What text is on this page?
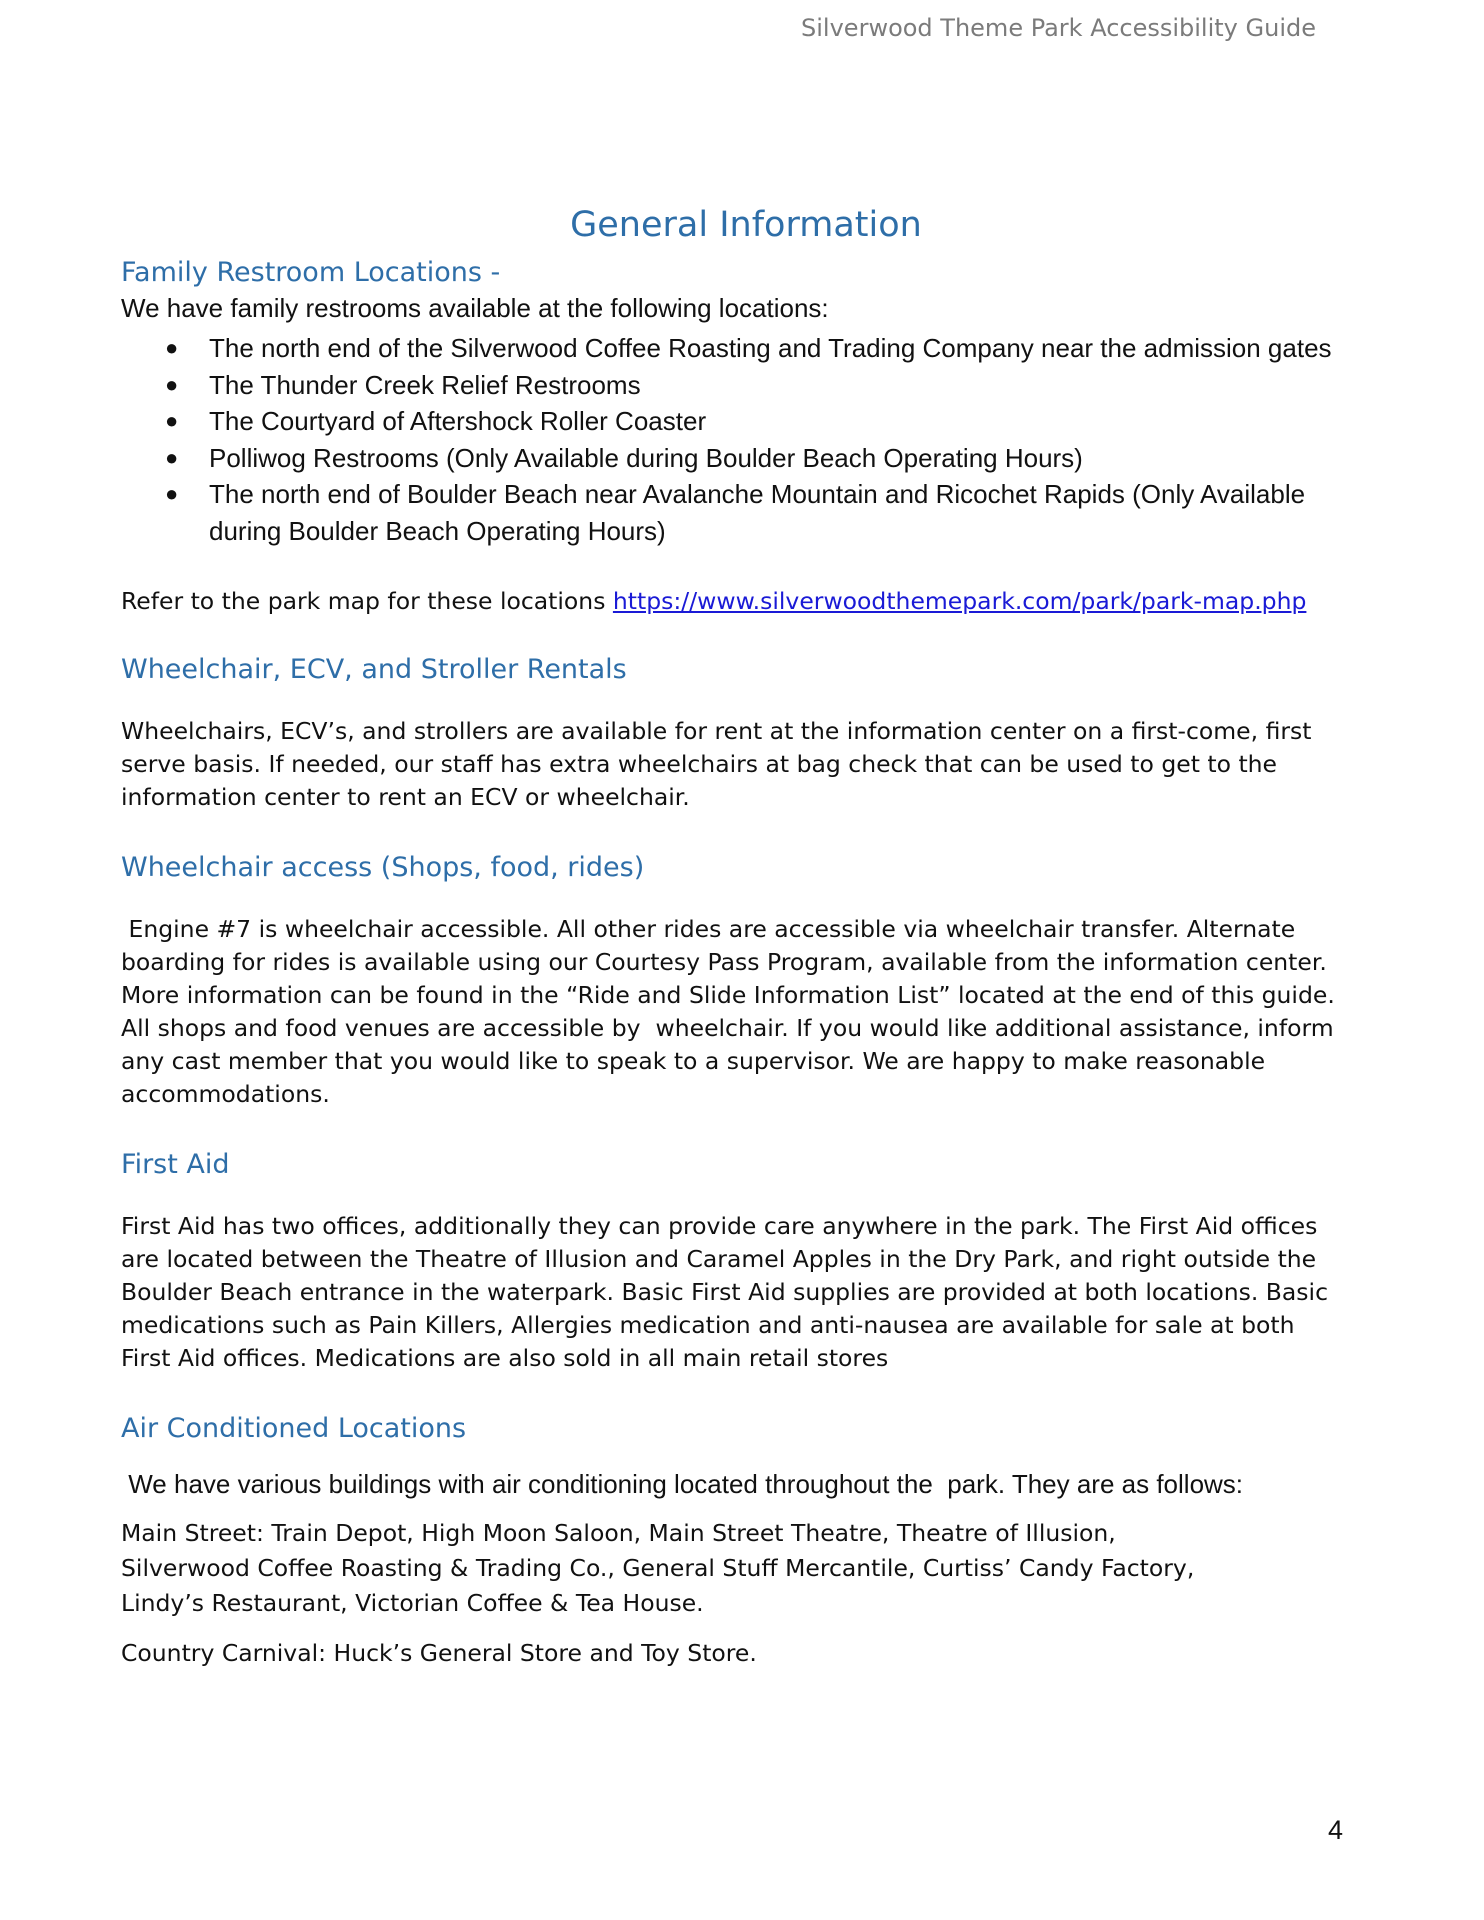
Silverwood Theme Park Accessibility Guide
General Information
Family Restroom Locations -

We have family restrooms available at the following locations:

● The north end of the Silverwood Coffee Roasting and Trading Company near the admission gates
● The Thunder Creek Relief Restrooms
● The Courtyard of Aftershock Roller Coaster
● Polliwog Restrooms (Only Available during Boulder Beach Operating Hours)
● The north end of Boulder Beach near Avalanche Mountain and Ricochet Rapids (Only Available during Boulder Beach Operating Hours)

Refer to the park map for these locations https://www.silverwoodthemepark.com/park/park-map.php

Wheelchair, ECV, and Stroller Rentals

Wheelchairs, ECV’s, and strollers are available for rent at the information center on a first-come, first serve basis. If needed, our staff has extra wheelchairs at bag check that can be used to get to the information center to rent an ECV or wheelchair.

Wheelchair access (Shops, food, rides)

Engine #7 is wheelchair accessible. All other rides are accessible via wheelchair transfer. Alternate boarding for rides is available using our Courtesy Pass Program, available from the information center. More information can be found in the “Ride and Slide Information List” located at the end of this guide. All shops and food venues are accessible by  wheelchair. If you would like additional assistance, inform any cast member that you would like to speak to a supervisor. We are happy to make reasonable accommodations.

First Aid

First Aid has two offices, additionally they can provide care anywhere in the park. The First Aid offices are located between the Theatre of Illusion and Caramel Apples in the Dry Park, and right outside the Boulder Beach entrance in the waterpark. Basic First Aid supplies are provided at both locations. Basic medications such as Pain Killers, Allergies medication and anti-nausea are available for sale at both First Aid offices. Medications are also sold in all main retail stores

Air Conditioned Locations

We have various buildings with air conditioning located throughout the  park. They are as follows:

Main Street: Train Depot, High Moon Saloon, Main Street Theatre, Theatre of Illusion, Silverwood Coffee Roasting & Trading Co., General Stuff Mercantile, Curtiss’ Candy Factory, Lindy’s Restaurant, Victorian Coffee & Tea House.

Country Carnival: Huck’s General Store and Toy Store.

4
